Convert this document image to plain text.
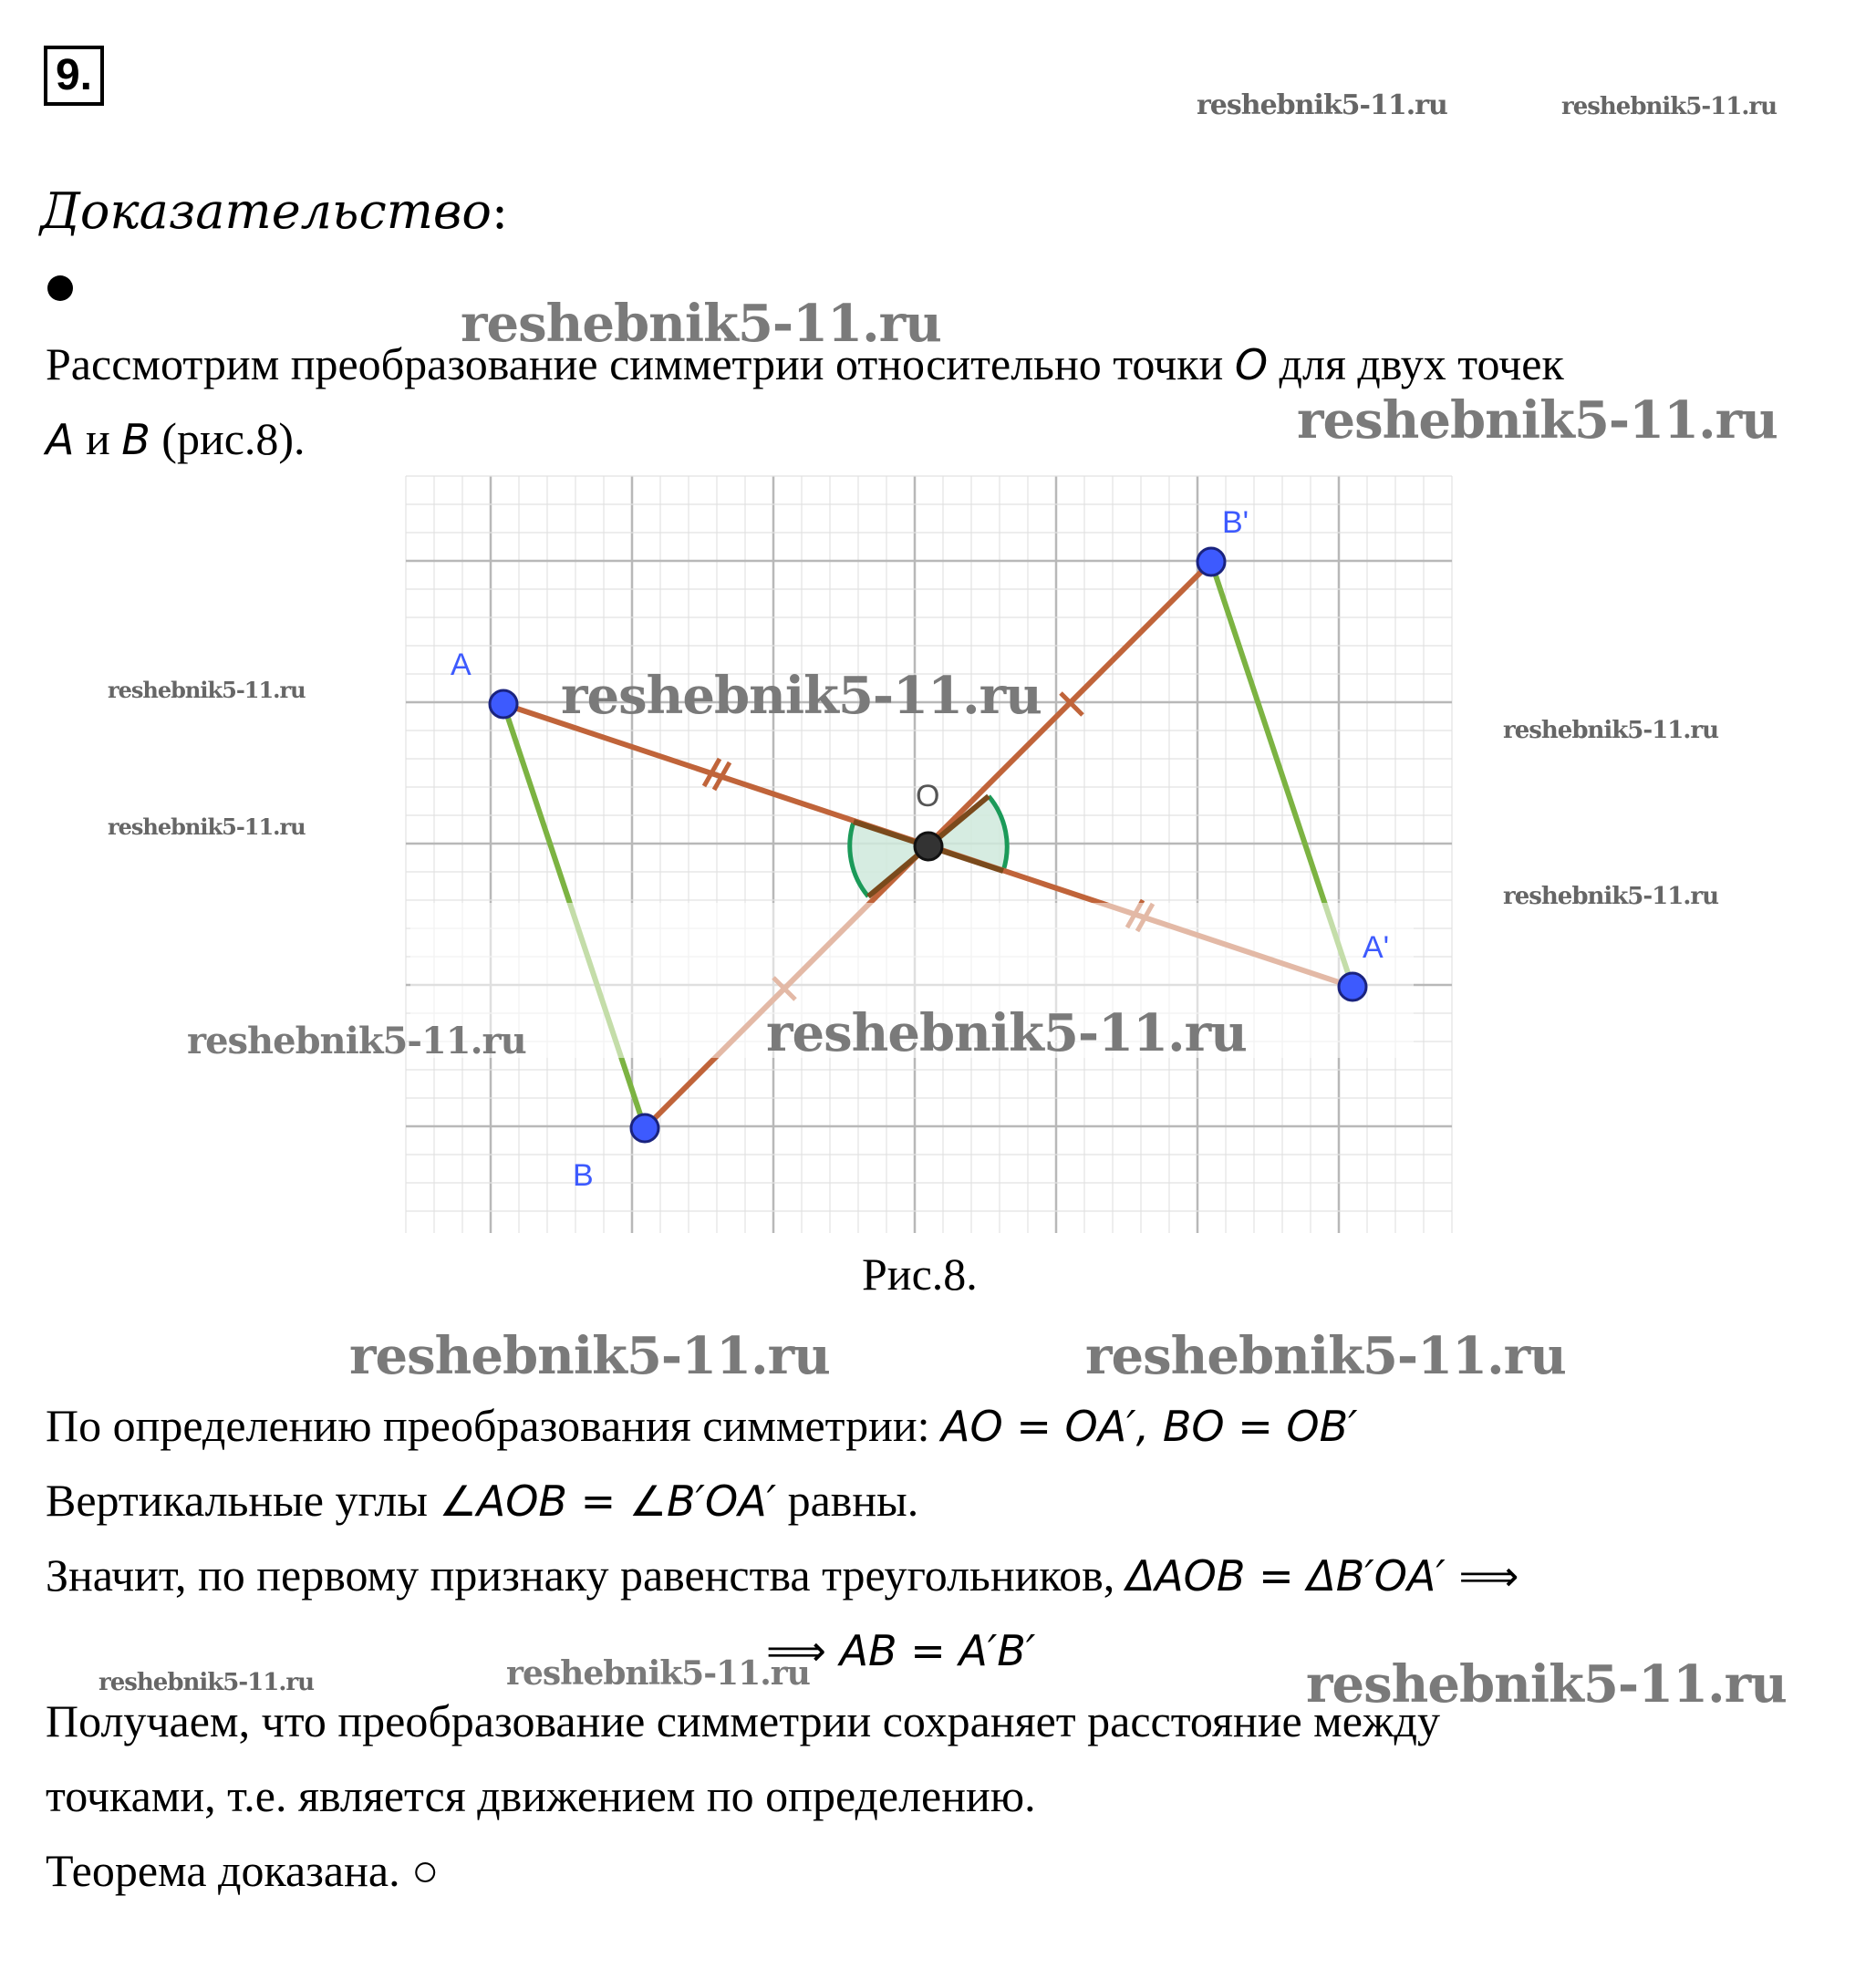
9.
Доказательство:
Рассмотрим преобразование симметрии относительно точки O для двух точек
A и B (рис.8).
A
B
O
B'
A'
Рис.8.
По определению преобразования симметрии: AO = OA′, BO = OB′
Вертикальные углы ∠AOB = ∠B′OA′ равны.
Значит, по первому признаку равенства треугольников, ΔAOB = ΔB′OA′ ⟹
⟹ AB = A′B′
Получаем, что преобразование симметрии сохраняет расстояние между
точками, т.е. является движением по определению.
Теорема доказана. ○
reshebnik5-11.ru	reshebnik5-11.ru
reshebnik5-11.ru
reshebnik5-11.ru
reshebnik5-11.ru	reshebnik5-11.ru
reshebnik5-11.ru
reshebnik5-11.ru
reshebnik5-11.ru
reshebnik5-11.ru	reshebnik5-11.ru
reshebnik5-11.ru	reshebnik5-11.ru
reshebnik5-11.ru	reshebnik5-11.ru	reshebnik5-11.ru
